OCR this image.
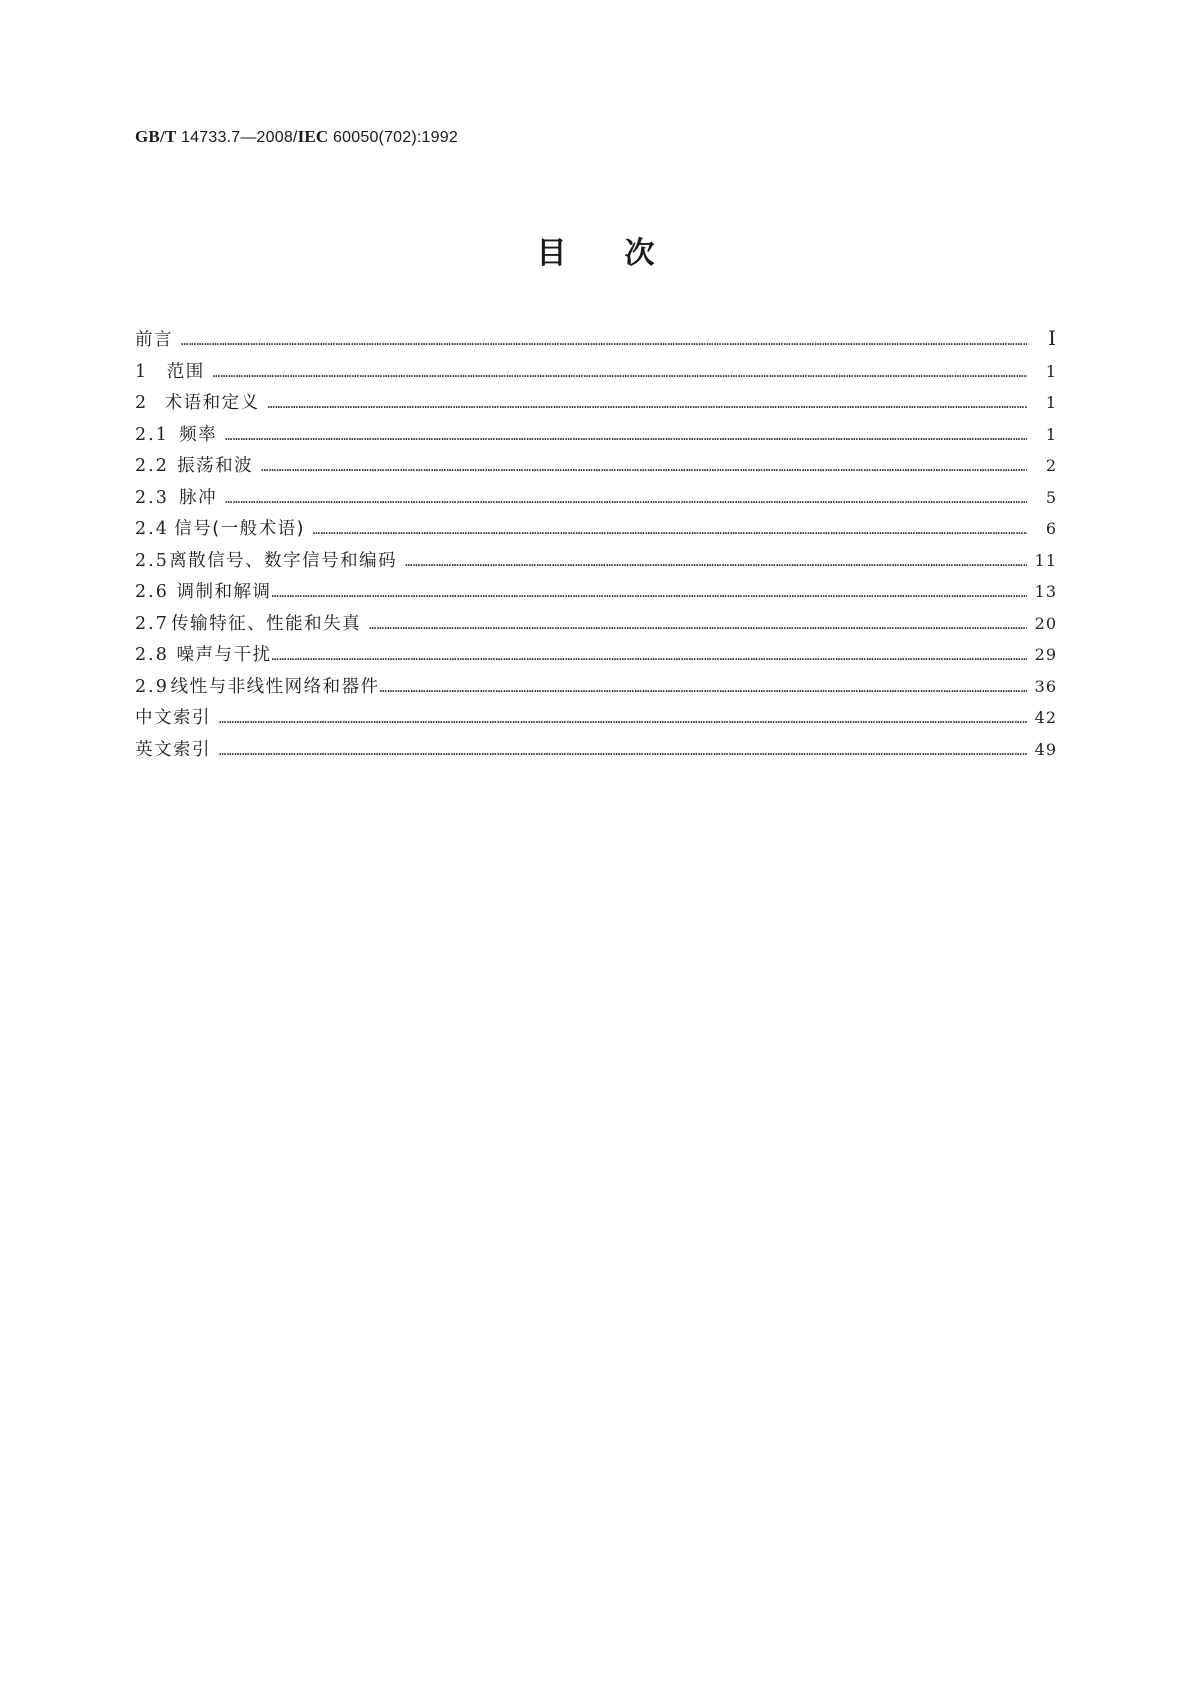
GB/T 14733.7—2008/IEC 60050(702):1992
目次
前言 ……………………………………………………………………………………………………………………………………………………………………………………………………………………………………………………………………………………………………………	Ⅰ
1	范围 ……………………………………………………………………………………………………………………………………………………………………………………………………………………………………………………………………………………………………………	1
2 术语和定义 ……………………………………………………………………………………………………………………………………………………………………………………………………………………………………………………………………………………………………………	1
2.1 频率 ……………………………………………………………………………………………………………………………………………………………………………………………………………………………………………………………………………………………………………	1
2.2 振荡和波 ……………………………………………………………………………………………………………………………………………………………………………………………………………………………………………………………………………………………………………	2
2.3 脉冲 ……………………………………………………………………………………………………………………………………………………………………………………………………………………………………………………………………………………………………………	5
2.4 信号(一般术语) ……………………………………………………………………………………………………………………………………………………………………………………………………………………………………………………………………………………………………………	6
2.5 离散信号、数字信号和编码 ……………………………………………………………………………………………………………………………………………………………………………………………………………………………………………………………………………………………………………	11
2.6 调制和解调 ……………………………………………………………………………………………………………………………………………………………………………………………………………………………………………………………………………………………………………	13
2.7 传输特征、性能和失真 ……………………………………………………………………………………………………………………………………………………………………………………………………………………………………………………………………………………………………………	20
2.8 噪声与干扰 ……………………………………………………………………………………………………………………………………………………………………………………………………………………………………………………………………………………………………………	29
2.9 线性与非线性网络和器件 ……………………………………………………………………………………………………………………………………………………………………………………………………………………………………………………………………………………………………………	36
中文索引 ……………………………………………………………………………………………………………………………………………………………………………………………………………………………………………………………………………………………………………	42
英文索引 ……………………………………………………………………………………………………………………………………………………………………………………………………………………………………………………………………………………………………………	49
